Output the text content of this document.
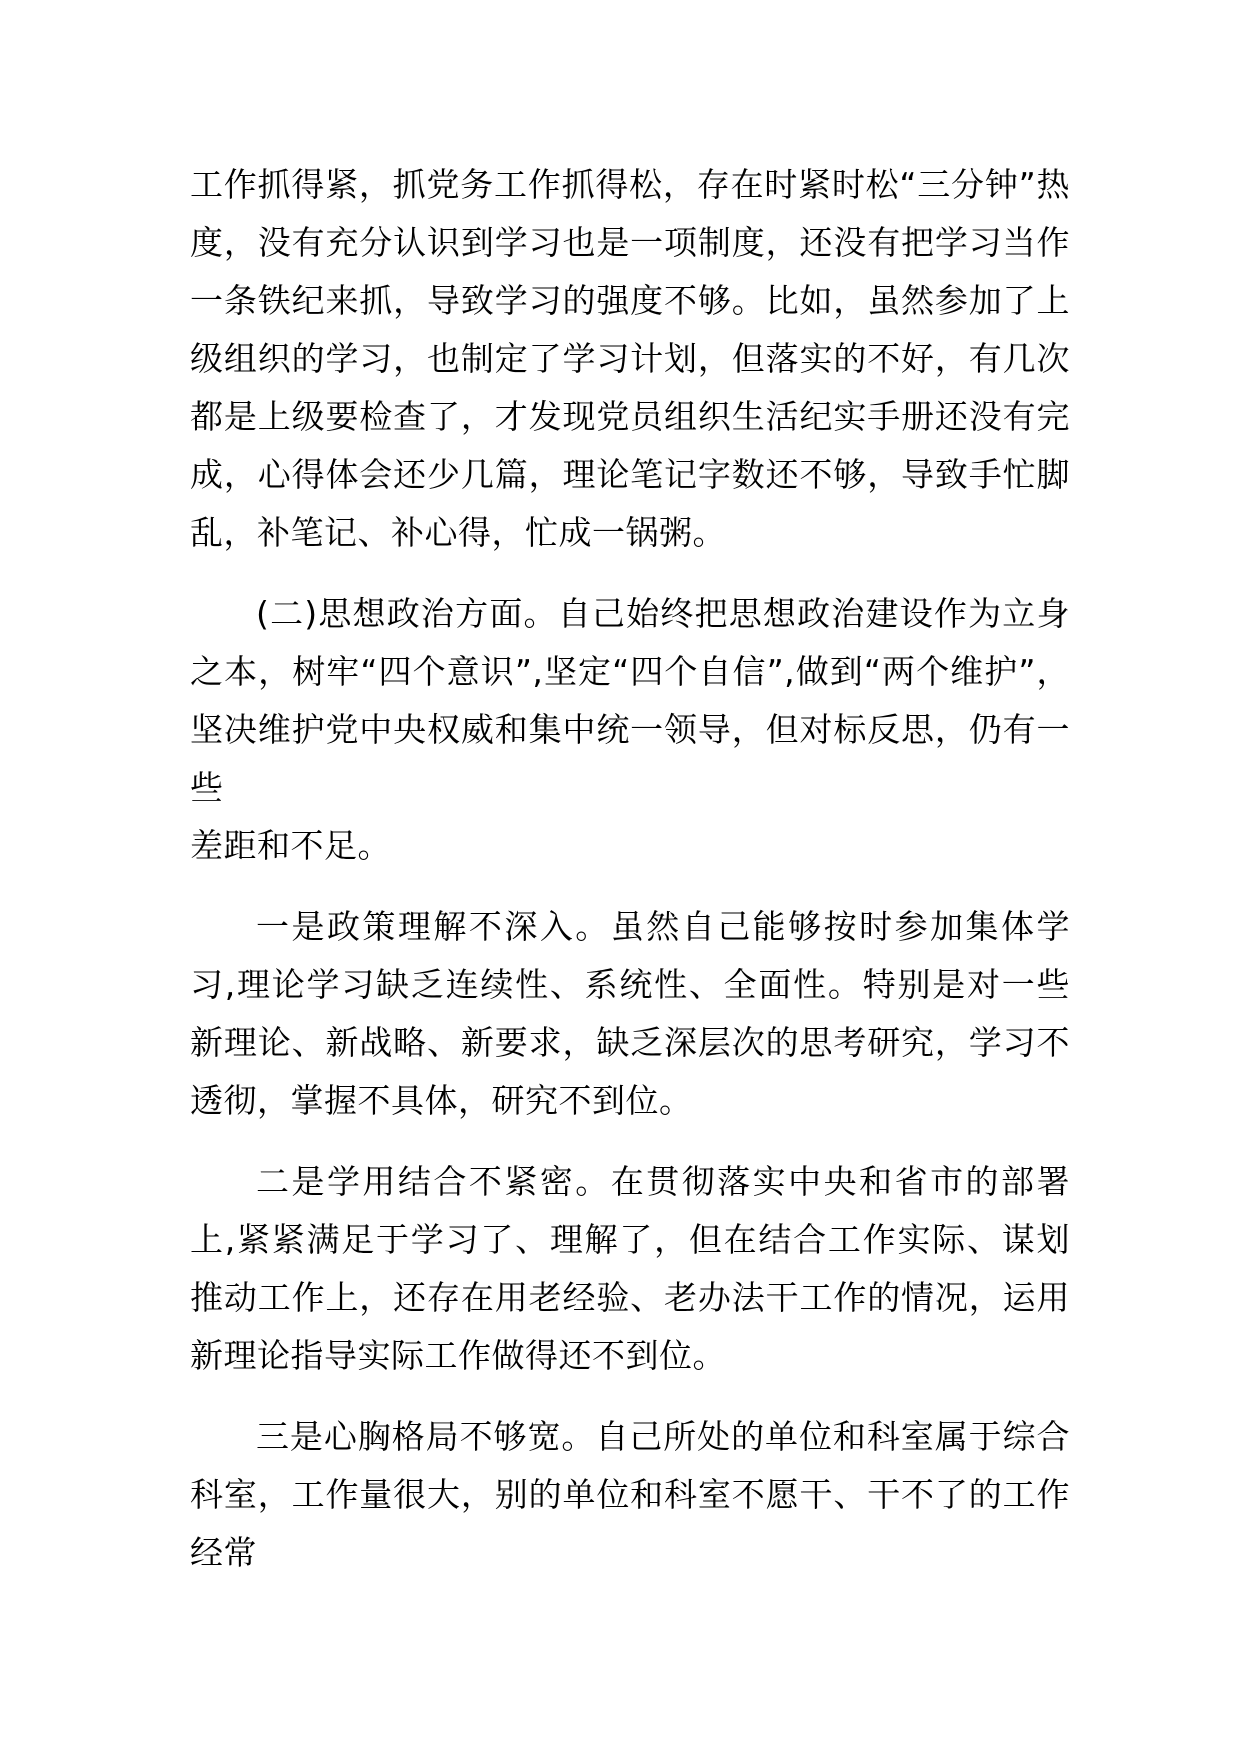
工作抓得紧，抓党务工作抓得松，存在时紧时松“三分钟”热度，没有充分认识到学习也是一项制度，还没有把学习当作一条铁纪来抓，导致学习的强度不够。比如，虽然参加了上级组织的学习，也制定了学习计划，但落实的不好，有几次都是上级要检查了，才发现党员组织生活纪实手册还没有完成，心得体会还少几篇，理论笔记字数还不够，导致手忙脚乱，补笔记、补心得，忙成一锅粥。

(二)思想政治方面。自己始终把思想政治建设作为立身之本，树牢“四个意识”,坚定“四个自信”,做到“两个维护”，坚决维护党中央权威和集中统一领导，但对标反思，仍有一些
差距和不足。

一是政策理解不深入。虽然自己能够按时参加集体学习,理论学习缺乏连续性、系统性、全面性。特别是对一些新理论、新战略、新要求，缺乏深层次的思考研究，学习不透彻，掌握不具体，研究不到位。

二是学用结合不紧密。在贯彻落实中央和省市的部署上,紧紧满足于学习了、理解了，但在结合工作实际、谋划推动工作上，还存在用老经验、老办法干工作的情况，运用新理论指导实际工作做得还不到位。

三是心胸格局不够宽。自己所处的单位和科室属于综合科室，工作量很大，别的单位和科室不愿干、干不了的工作经常
